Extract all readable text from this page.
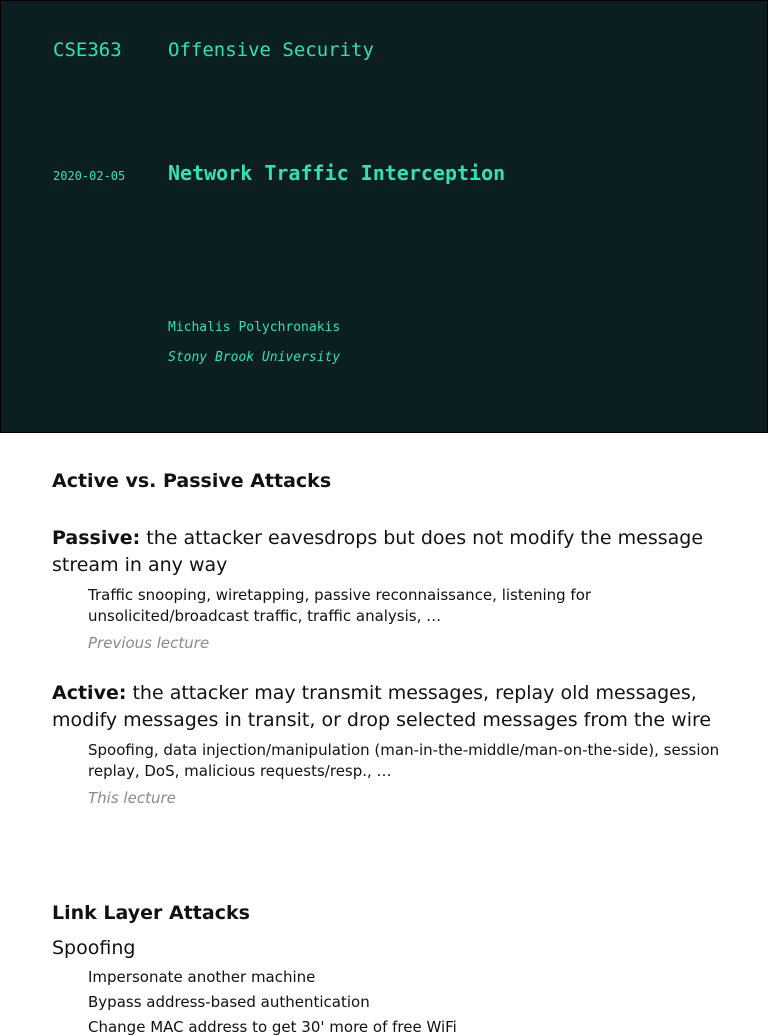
CSE363 Offensive Security
2020-02-05 Network Traffic Interception
Michalis Polychronakis
Stony Brook University
Active vs. Passive Attacks
Passive: the attacker eavesdrops but does not modify the message stream in any way
Traffic snooping, wiretapping, passive reconnaissance, listening for unsolicited/broadcast traffic, traffic analysis, …
Previous lecture
Active: the attacker may transmit messages, replay old messages, modify messages in transit, or drop selected messages from the wire
Spoofing, data injection/manipulation (man-in-the-middle/man-on-the-side), session replay, DoS, malicious requests/resp., …
This lecture
Link Layer Attacks
Spoofing
Impersonate another machine
Bypass address-based authentication
Change MAC address to get 30' more of free WiFi
